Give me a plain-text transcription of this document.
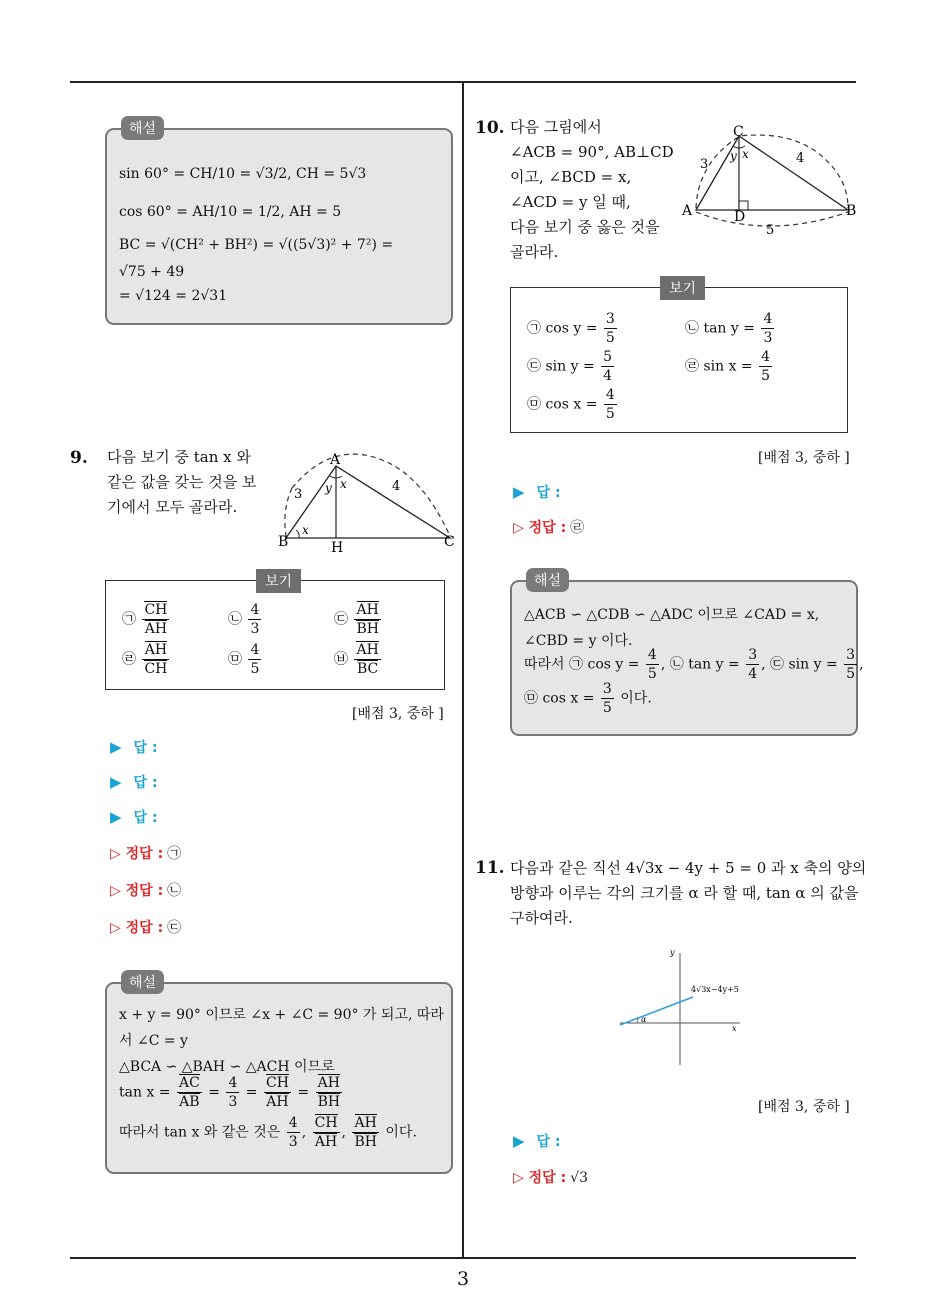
3
해설
sin 60° = CH/10 = √3/2, CH = 5√3
cos 60° = AH/10 = 1/2, AH = 5
BC = √(CH² + BH²) = √((5√3)² + 7²) =
√75 + 49
= √124 = 2√31
9. 다음 보기 중 tan x 와
같은 값을 갖는 것을 보
기에서 모두 골라라.
A
B	C
H
3
4
y x
x
보기
㉠ $\frac{CH}{AH}$	㉡ $\frac{4}{3}$	㉢ $\frac{AH}{BH}$
㉣ $\frac{AH}{CH}$	㉤ $\frac{4}{5}$	㉥ $\frac{AH}{BC}$
[배점 3, 중하 ]
▶ 답 :
▶ 답 :
▶ 답 :
▷ 정답 : ㉠
▷ 정답 : ㉡
▷ 정답 : ㉢
해설
x + y = 90° 이므로 ∠x + ∠C = 90° 가 되고, 따라
서 ∠C = y
△BCA ∽ △BAH ∽ △ACH 이므로
$\tan x = \frac{AC}{AB} = \frac{4}{3} = \frac{CH}{AH} = \frac{AH}{BH}$
따라서 tan x 와 같은 것은 $\frac{4}{3}$ , $\frac{CH}{AH}$ , $\frac{AH}{BH}$ 이다.
10. 다음 그림에서
∠ACB = 90°, AB⊥CD
이고, ∠BCD = x,
∠ACD = y 일 때,
다음 보기 중 옳은 것을
골라라.
C
A	B
D
3	4
5
y x
보기
㉠ $\cos y = \frac{3}{5}$	㉡ $\tan y = \frac{4}{3}$
㉢ $\sin y = \frac{5}{4}$	㉣ $\sin x = \frac{4}{5}$
㉤ $\cos x = \frac{4}{5}$
[배점 3, 중하 ]
▶ 답 :
▷ 정답 : ㉣
해설
△ACB ∽ △CDB ∽ △ADC 이므로 ∠CAD = x,
∠CBD = y 이다.
따라서 ㉠ $\cos y = \frac{4}{5}$ , ㉡ $\tan y = \frac{3}{4}$ , ㉢ $\sin y = \frac{3}{5}$ ,
㉤ $\cos x = \frac{3}{5}$ 이다.
11. 다음과 같은 직선 4√3x − 4y + 5 = 0 과 x 축의 양의
방향과 이루는 각의 크기를 α 라 할 때, tan α 의 값을
구하여라.
y
x
4√3x−4y+5
α
[배점 3, 중하 ]
▶ 답 :
▷ 정답 : √3
